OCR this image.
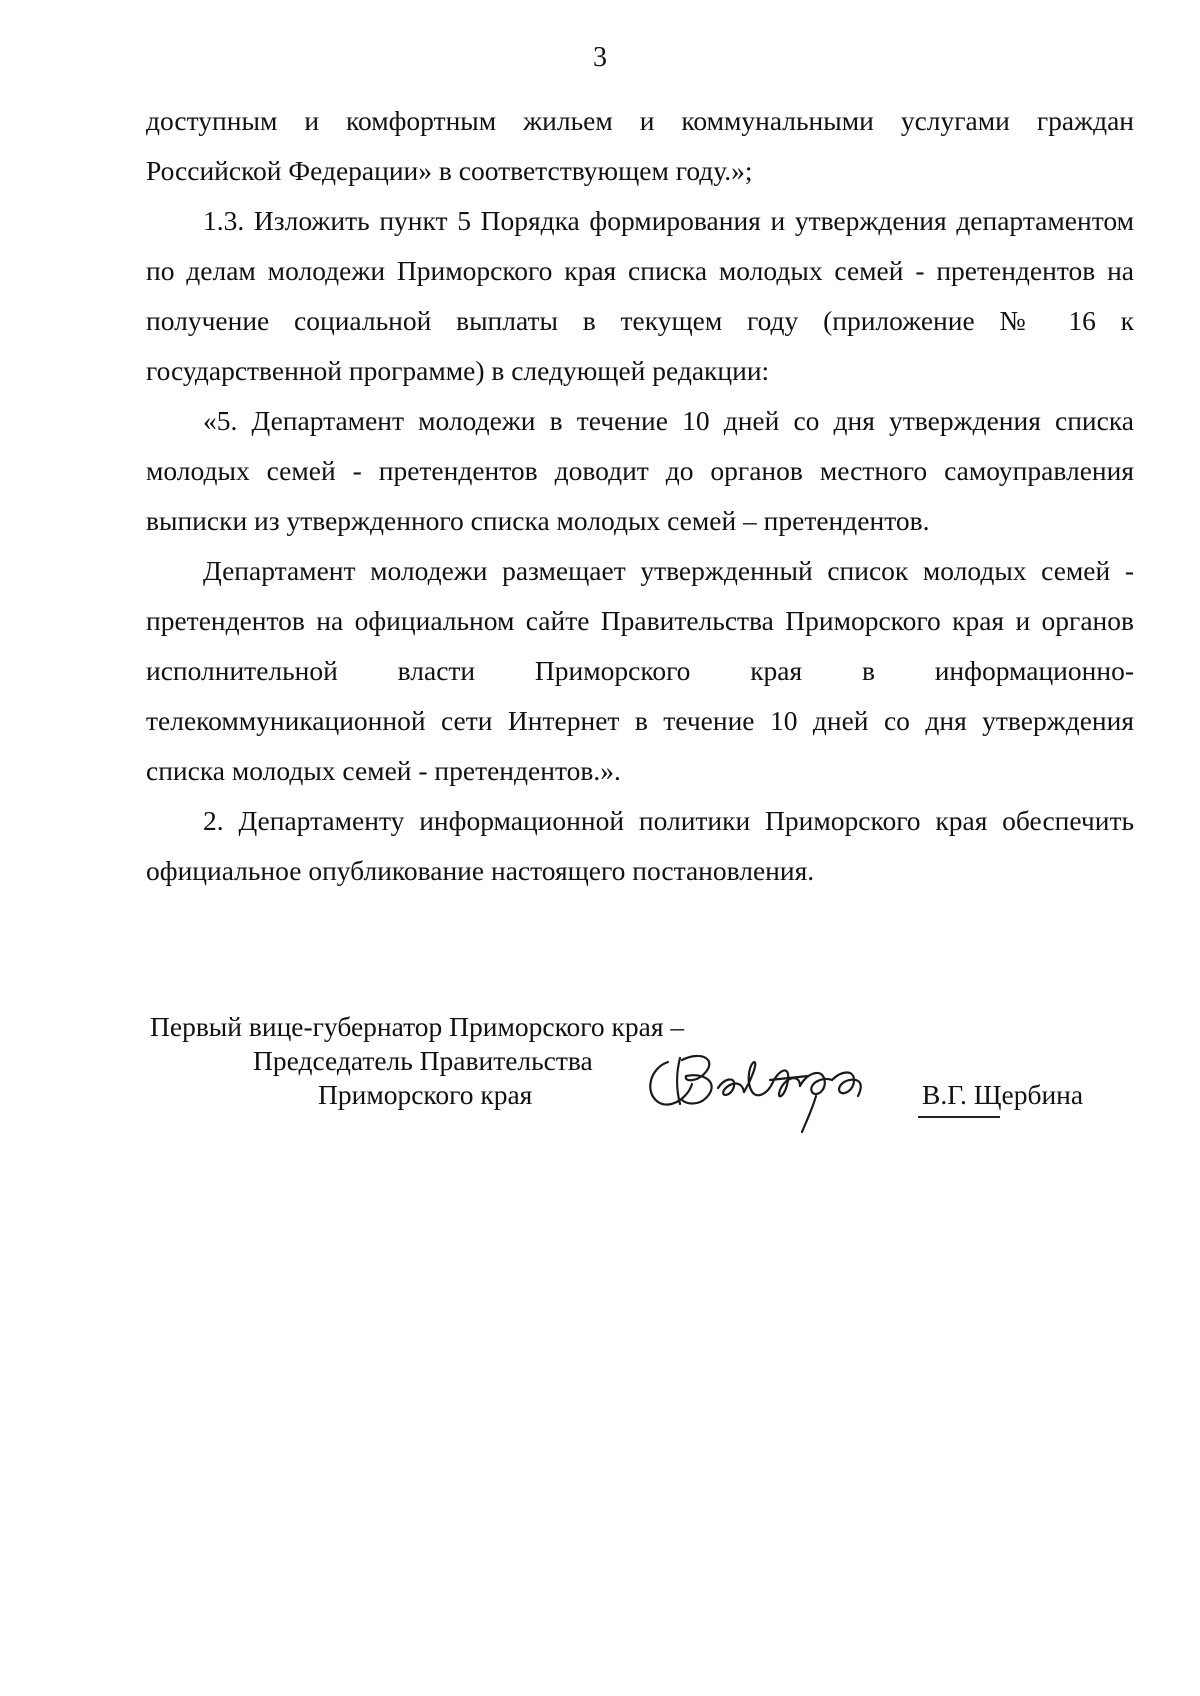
3

доступным и комфортным жильем и коммунальными услугами граждан Российской Федерации» в соответствующем году.»;

1.3. Изложить пункт 5 Порядка формирования и утверждения департаментом по делам молодежи Приморского края списка молодых семей - претендентов на получение социальной выплаты в текущем году (приложение № 16 к государственной программе) в следующей редакции:

«5. Департамент молодежи в течение 10 дней со дня утверждения списка молодых семей - претендентов доводит до органов местного самоуправления выписки из утвержденного списка молодых семей – претендентов.

Департамент молодежи размещает утвержденный список молодых семей - претендентов на официальном сайте Правительства Приморского края и органов исполнительной власти Приморского края в информационно-телекоммуникационной сети Интернет в течение 10 дней со дня утверждения списка молодых семей - претендентов.».

2. Департаменту информационной политики Приморского края обеспечить официальное опубликование настоящего постановления.

Первый вице-губернатор Приморского края –
Председатель Правительства
Приморского края	В.Г. Щербина
